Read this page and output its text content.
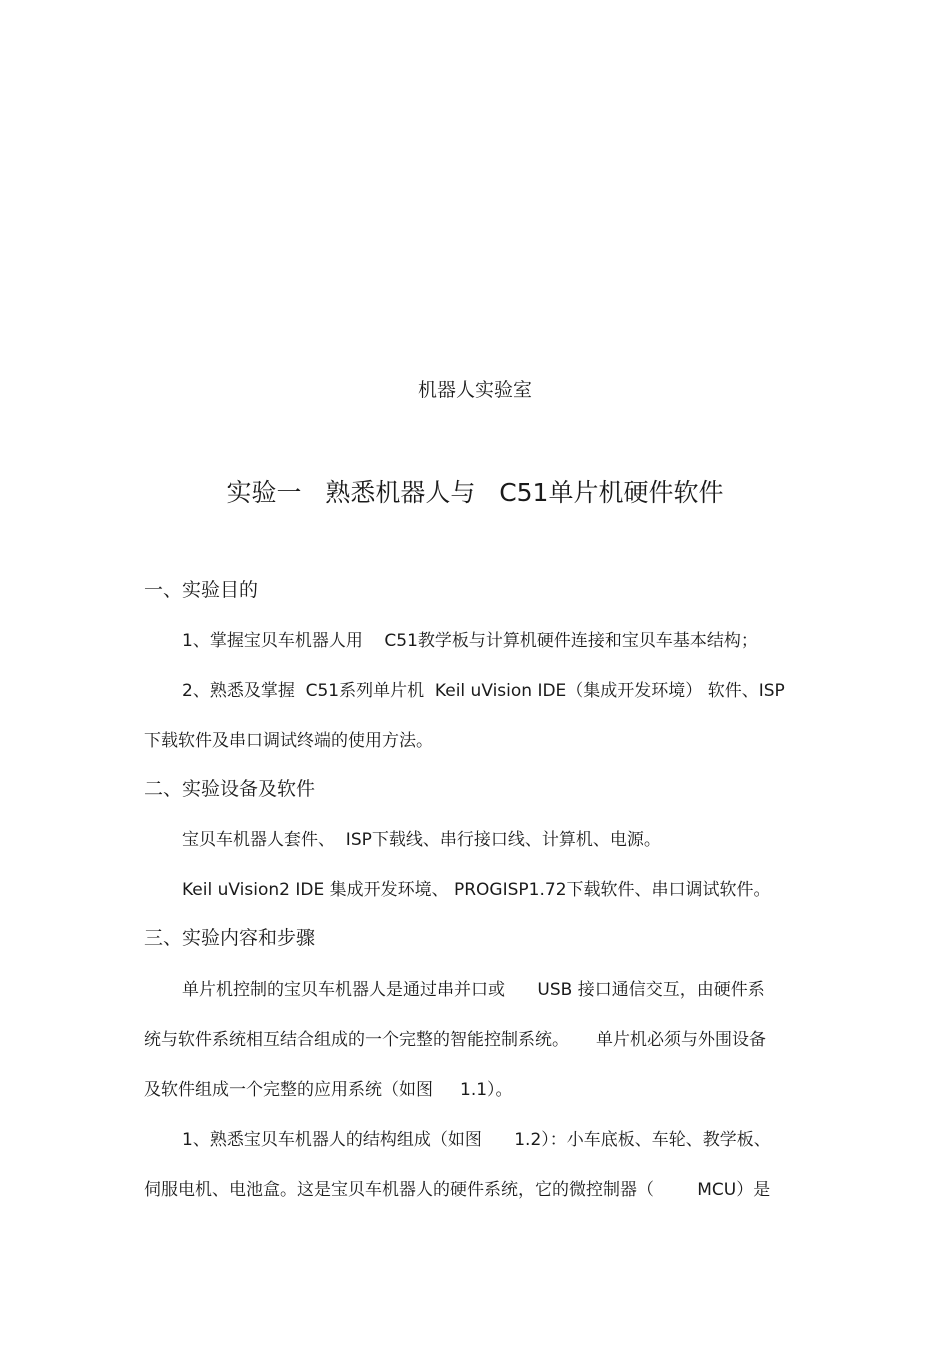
机器人实验室
实验一   熟悉机器人与   C51单片机硬件软件
一、实验目的
1、掌握宝贝车机器人用    C51教学板与计算机硬件连接和宝贝车基本结构；
2、熟悉及掌握  C51系列单片机  Keil uVision IDE（集成开发环境） 软件、ISP
下载软件及串口调试终端的使用方法。
二、实验设备及软件
宝贝车机器人套件、  ISP下载线、串行接口线、计算机、电源。
Keil uVision2 IDE 集成开发环境、 PROGISP1.72下载软件、串口调试软件。
三、实验内容和步骤
单片机控制的宝贝车机器人是通过串并口或      USB 接口通信交互，由硬件系
统与软件系统相互结合组成的一个完整的智能控制系统。     单片机必须与外围设备
及软件组成一个完整的应用系统（如图     1.1）。
1、熟悉宝贝车机器人的结构组成（如图      1.2）：小车底板、车轮、教学板、
伺服电机、电池盒。这是宝贝车机器人的硬件系统，它的微控制器（        MCU）是
